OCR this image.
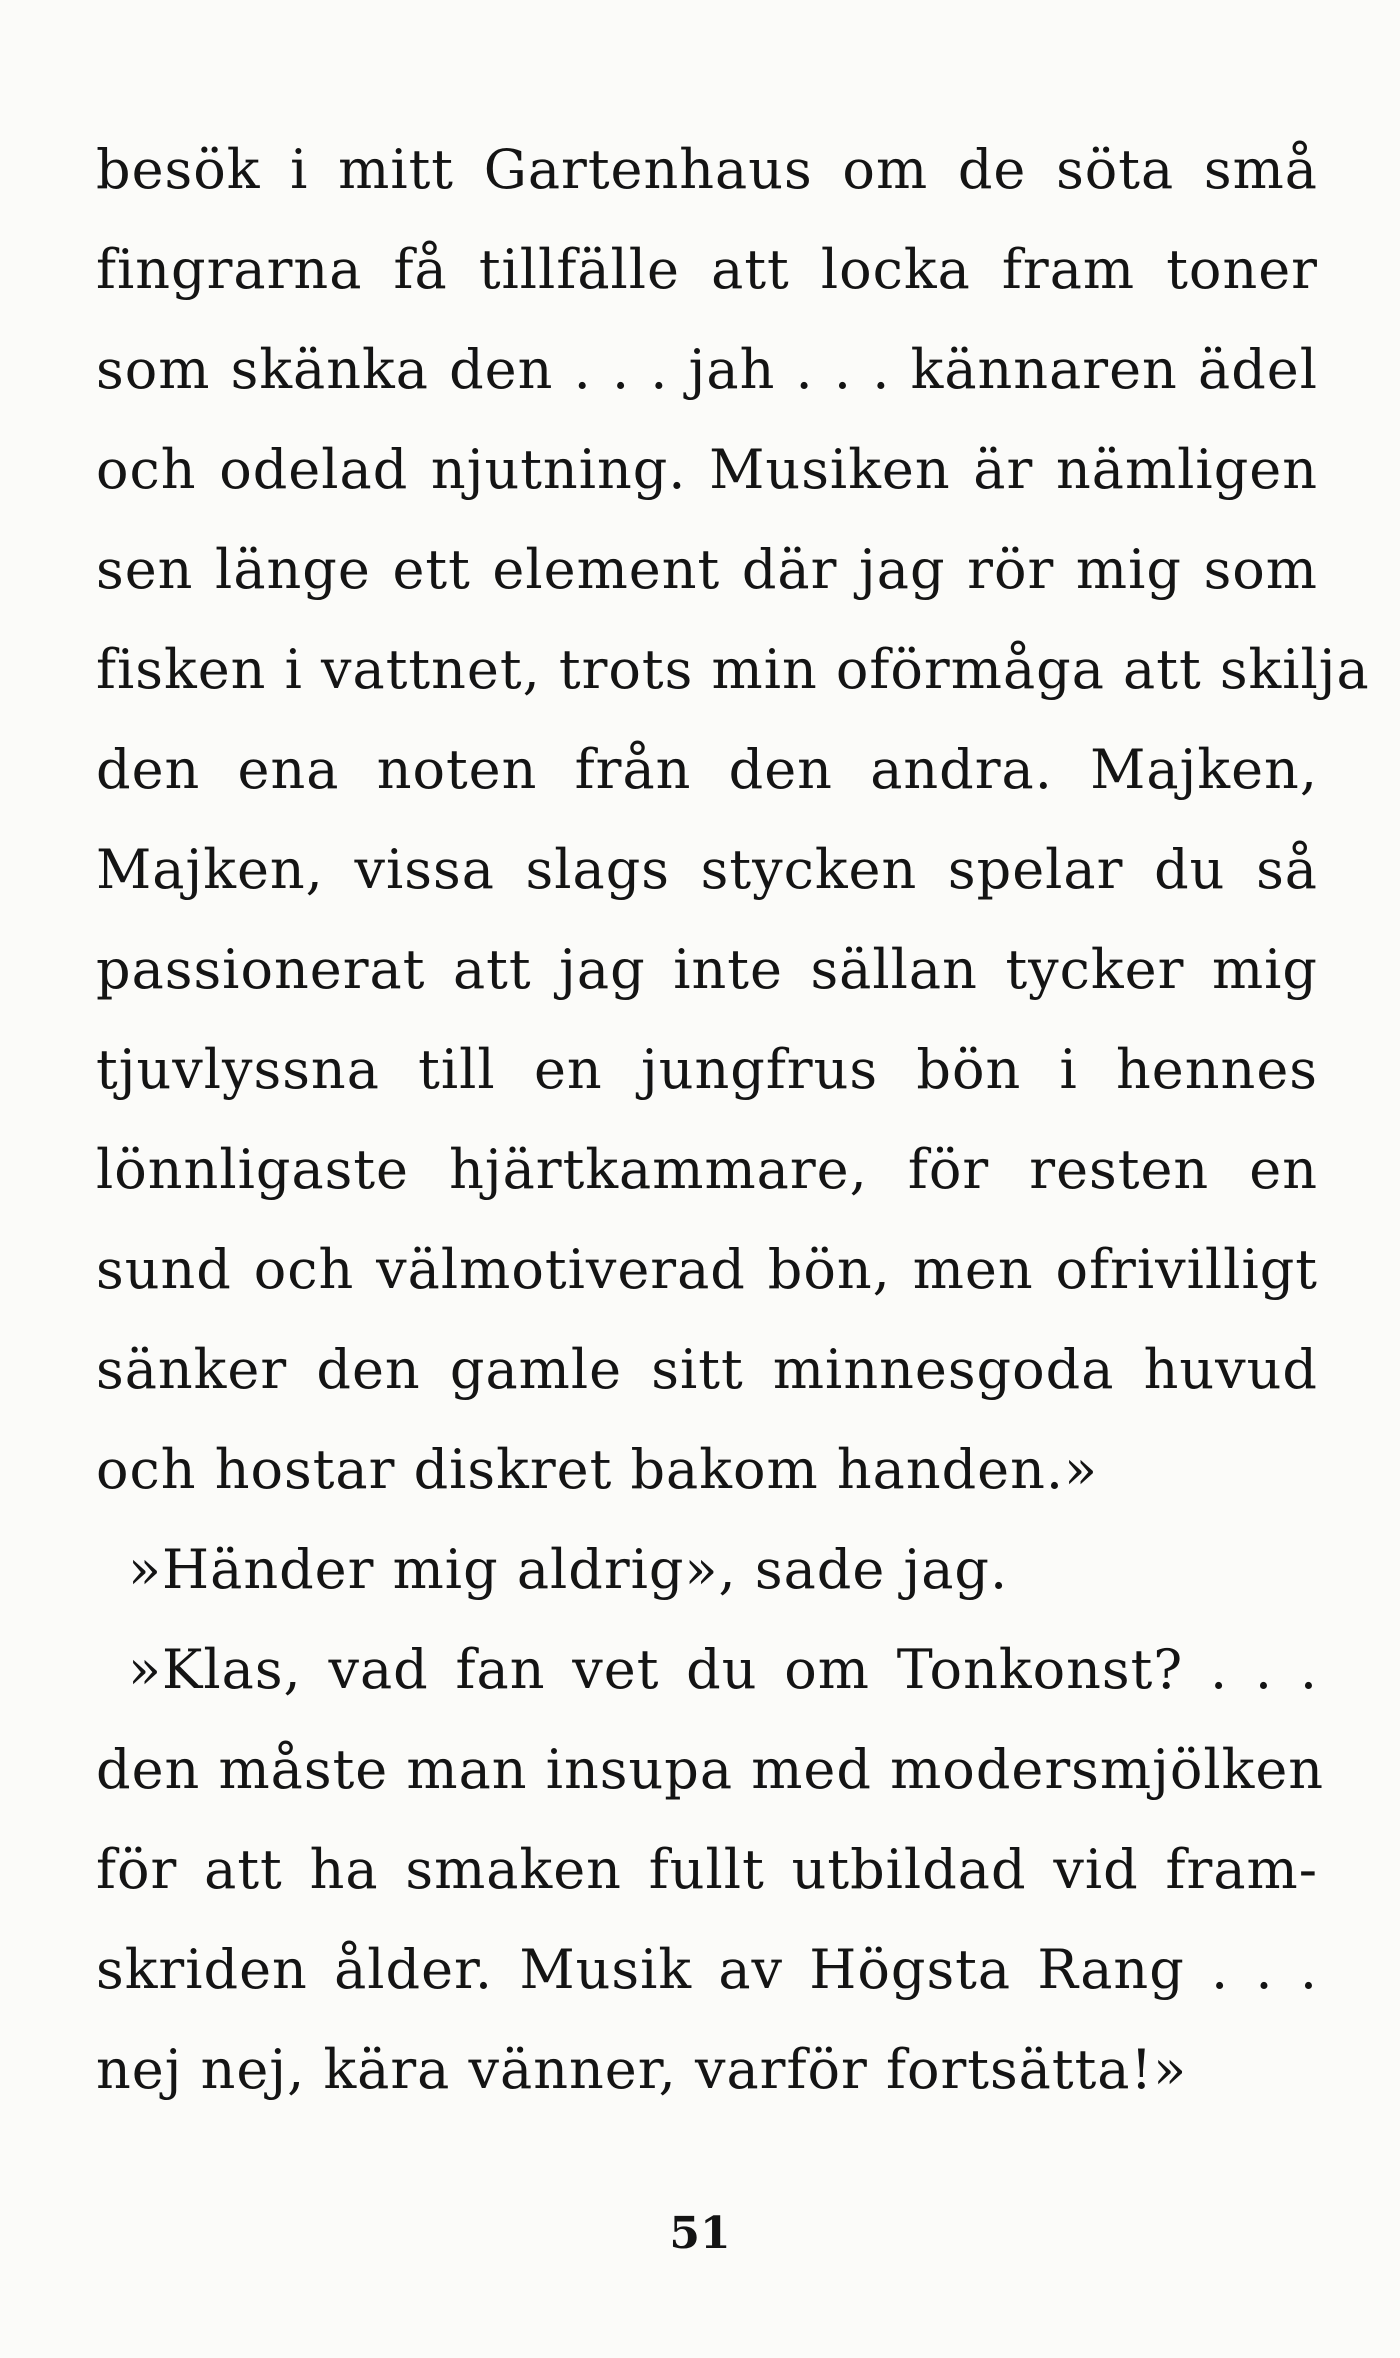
besök i mitt Gartenhaus om de söta små
fingrarna få tillfälle att locka fram toner
som skänka den . . . jah . . . kännaren ädel
och odelad njutning. Musiken är nämligen
sen länge ett element där jag rör mig som
fisken i vattnet, trots min oförmåga att skilja
den ena noten från den andra. Majken,
Majken, vissa slags stycken spelar du så
passionerat att jag inte sällan tycker mig
tjuvlyssna till en jungfrus bön i hennes
lönnligaste hjärtkammare, för resten en
sund och välmotiverad bön, men ofrivilligt
sänker den gamle sitt minnesgoda huvud
och hostar diskret bakom handen.»
»Händer mig aldrig», sade jag.
»Klas, vad fan vet du om Tonkonst? . . .
den måste man insupa med modersmjölken
för att ha smaken fullt utbildad vid fram-
skriden ålder. Musik av Högsta Rang . . .
nej nej, kära vänner, varför fortsätta!»
51
